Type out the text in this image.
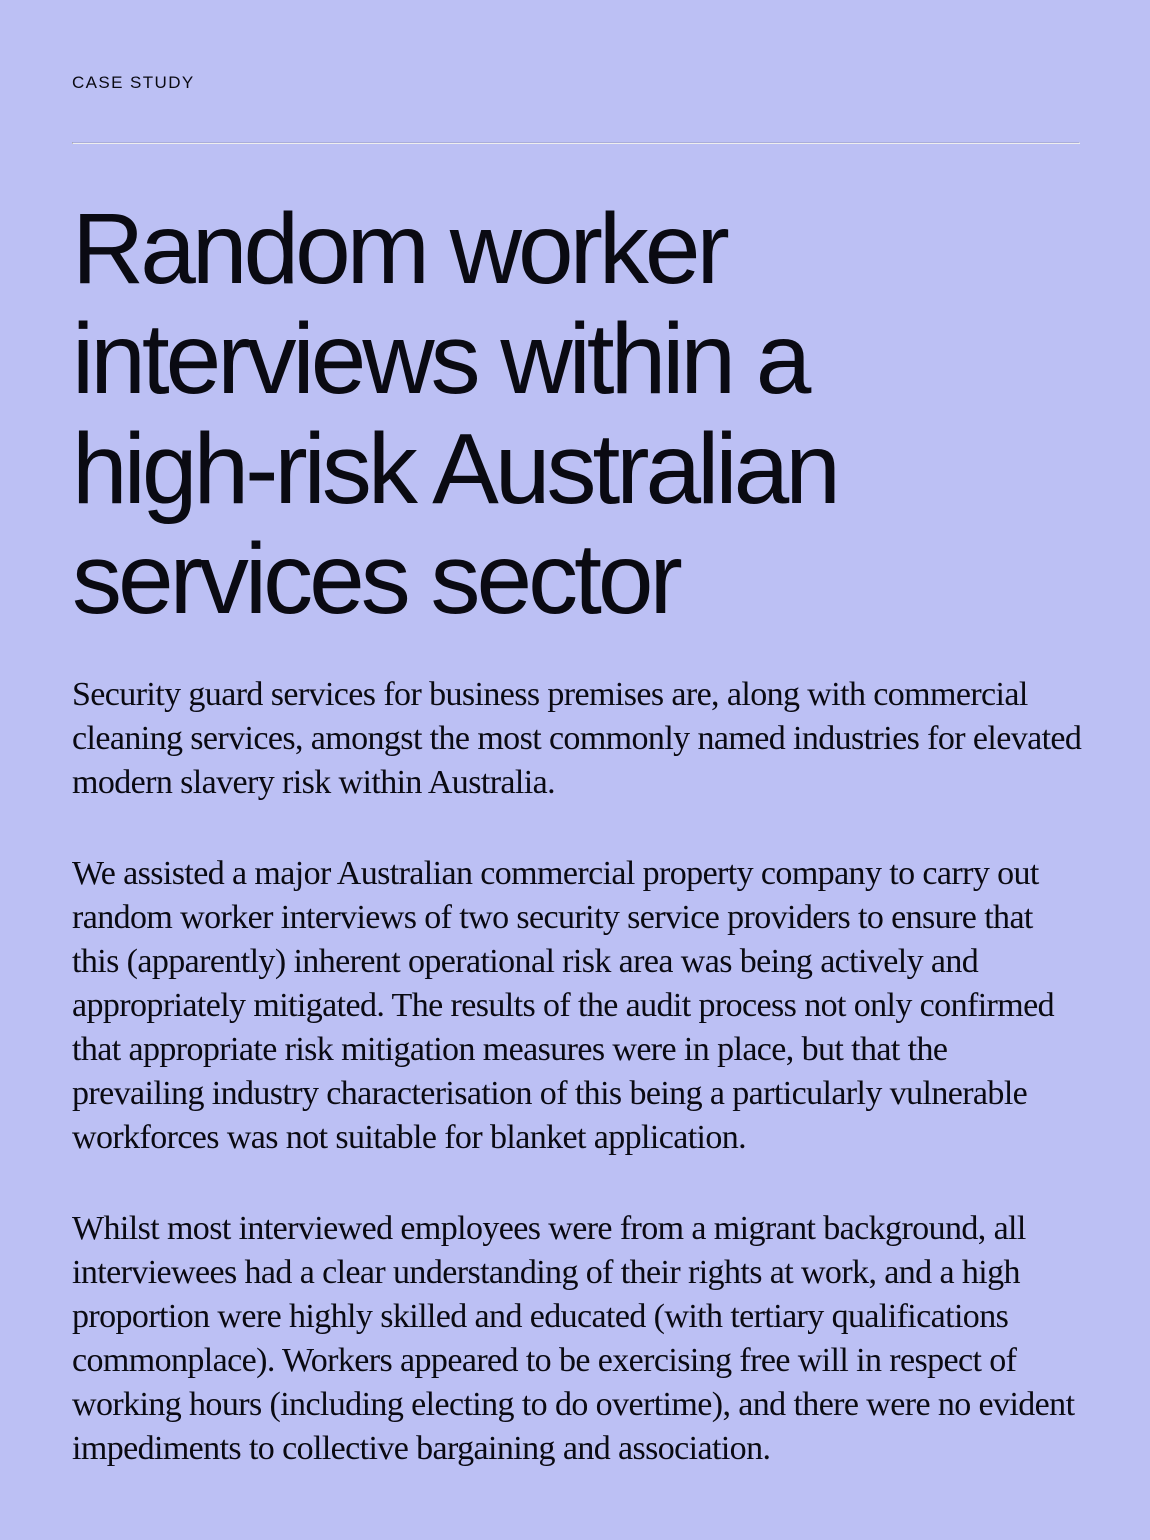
CASE STUDY
Random worker
interviews within a
high-risk Australian
services sector

Security guard services for business premises are, along with commercial cleaning services, amongst the most commonly named industries for elevated modern slavery risk within Australia.

We assisted a major Australian commercial property company to carry out random worker interviews of two security service providers to ensure that this (apparently) inherent operational risk area was being actively and appropriately mitigated. The results of the audit process not only confirmed that appropriate risk mitigation measures were in place, but that the prevailing industry characterisation of this being a particularly vulnerable workforces was not suitable for blanket application.

Whilst most interviewed employees were from a migrant background, all interviewees had a clear understanding of their rights at work, and a high proportion were highly skilled and educated (with tertiary qualifications commonplace). Workers appeared to be exercising free will in respect of working hours (including electing to do overtime), and there were no evident impediments to collective bargaining and association.
